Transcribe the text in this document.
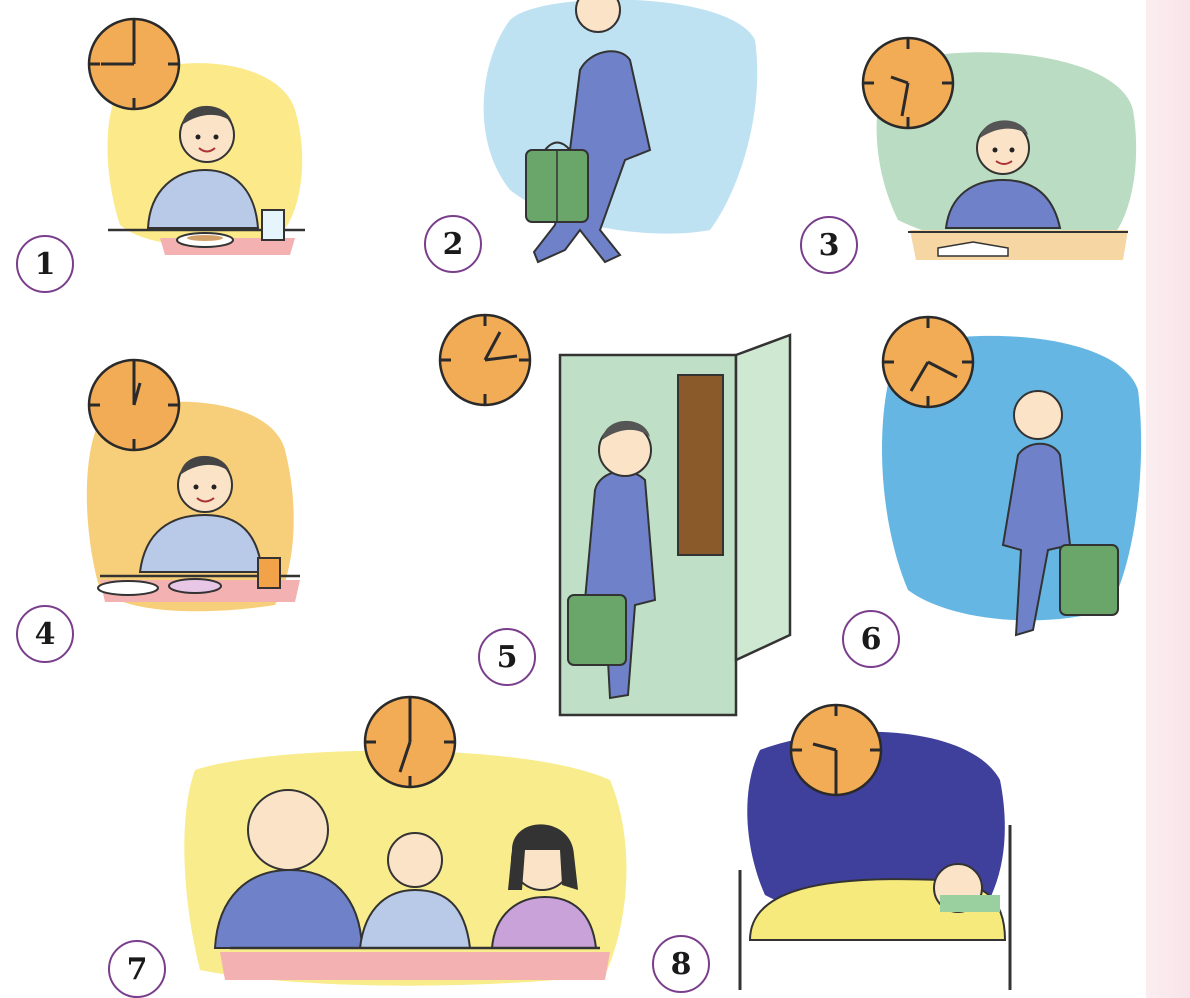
1
2	3
4
5
6
7	8
